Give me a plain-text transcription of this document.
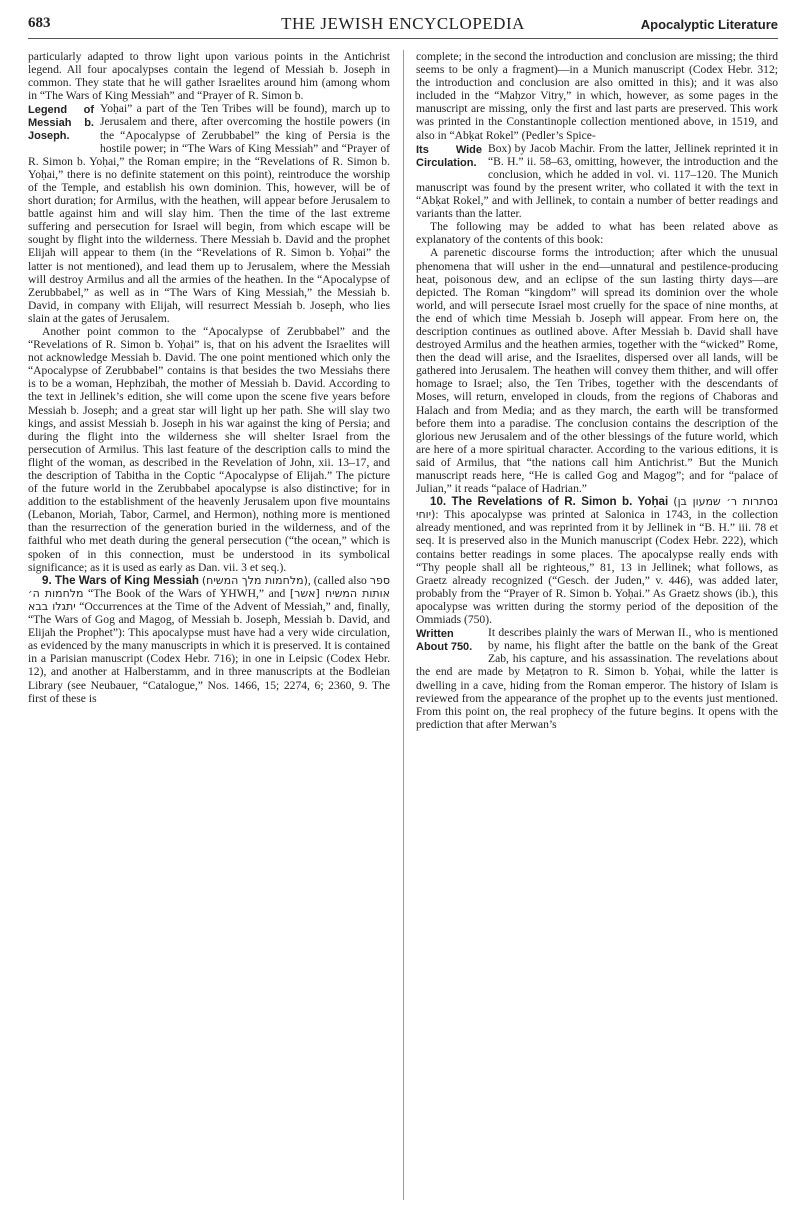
683	THE JEWISH ENCYCLOPEDIA	Apocalyptic Literature

particularly adapted to throw light upon various points in the Antichrist legend. All four apocalypses contain the legend of Messiah b. Joseph in common. They state that he will gather Israelites around him (among whom in “The Wars of King Messiah” and “Prayer of R. Simon b.

Legend of Messiah b. Joseph.

Yoḥai” a part of the Ten Tribes will be found), march up to Jerusalem and there, after overcoming the hostile powers (in the “Apocalypse of Zerubbabel” the king of Persia is the hostile power; in “The Wars of King Messiah” and “Prayer of R. Simon b. Yoḥai,” the Roman empire; in the “Revelations of R. Simon b. Yoḥai,” there is no definite statement on this point), reintroduce the worship of the Temple, and establish his own dominion. This, however, will be of short duration; for Armilus, with the heathen, will appear before Jerusalem to battle against him and will slay him. Then the time of the last extreme suffering and persecution for Israel will begin, from which escape will be sought by flight into the wilderness. There Messiah b. David and the prophet Elijah will appear to them (in the “Revelations of R. Simon b. Yoḥai” the latter is not mentioned), and lead them up to Jerusalem, where the Messiah will destroy Armilus and all the armies of the heathen. In the “Apocalypse of Zerubbabel,” as well as in “The Wars of King Messiah,” the Messiah b. David, in company with Elijah, will resurrect Messiah b. Joseph, who lies slain at the gates of Jerusalem.

Another point common to the “Apocalypse of Zerubbabel” and the “Revelations of R. Simon b. Yoḥai” is, that on his advent the Israelites will not acknowledge Messiah b. David. The one point mentioned which only the “Apocalypse of Zerubbabel” contains is that besides the two Messiahs there is to be a woman, Hephzibah, the mother of Messiah b. David. According to the text in Jellinek’s edition, she will come upon the scene five years before Messiah b. Joseph; and a great star will light up her path. She will slay two kings, and assist Messiah b. Joseph in his war against the king of Persia; and during the flight into the wilderness she will shelter Israel from the persecution of Armilus. This last feature of the description calls to mind the flight of the woman, as described in the Revelation of John, xii. 13–17, and the description of Tabitha in the Coptic “Apocalypse of Elijah.” The picture of the future world in the Zerubbabel apocalypse is also distinctive; for in addition to the establishment of the heavenly Jerusalem upon five mountains (Lebanon, Moriah, Tabor, Carmel, and Hermon), nothing more is mentioned than the resurrection of the generation buried in the wilderness, and of the faithful who met death during the general persecution (“the ocean,” which is spoken of in this connection, must be understood in its symbolical significance; as it is used as early as Dan. vii. 3 et seq.).

9. The Wars of King Messiah (מלחמות מלך המשיח), (called also ספר מלחמות ה׳ “The Book of the Wars of YHWH,” and [אותות המשיח [אשר יתגלו בבא “Occurrences at the Time of the Advent of Messiah,” and, finally, “The Wars of Gog and Magog, of Messiah b. Joseph, Messiah b. David, and Elijah the Prophet”): This apocalypse must have had a very wide circulation, as evidenced by the many manuscripts in which it is preserved. It is contained in a Parisian manuscript (Codex Hebr. 716); in one in Leipsic (Codex Hebr. 12), and another at Halberstamm, and in three manuscripts at the Bodleian Library (see Neubauer, “Catalogue,” Nos. 1466, 15; 2274, 6; 2360, 9. The first of these is

complete; in the second the introduction and conclusion are missing; the third seems to be only a fragment)—in a Munich manuscript (Codex Hebr. 312; the introduction and conclusion are also omitted in this); and it was also included in the “Maḥzor Vitry,” in which, however, as some pages in the manuscript are missing, only the first and last parts are preserved. This work was printed in the Constantinople collection mentioned above, in 1519, and also in “Abḳat Rokel” (Pedler’s Spice-

Its Wide Circulation.

Box) by Jacob Machir. From the latter, Jellinek reprinted it in “B. H.” ii. 58–63, omitting, however, the introduction and the conclusion, which he added in vol. vi. 117–120. The Munich manuscript was found by the present writer, who collated it with the text in “Abḳat Rokel,” and with Jellinek, to contain a number of better readings and variants than the latter.

The following may be added to what has been related above as explanatory of the contents of this book:

A parenetic discourse forms the introduction; after which the unusual phenomena that will usher in the end—unnatural and pestilence-producing heat, poisonous dew, and an eclipse of the sun lasting thirty days—are depicted. The Roman “kingdom” will spread its dominion over the whole world, and will persecute Israel most cruelly for the space of nine months, at the end of which time Messiah b. Joseph will appear. From here on, the description continues as outlined above. After Messiah b. David shall have destroyed Armilus and the heathen armies, together with the “wicked” Rome, then the dead will arise, and the Israelites, dispersed over all lands, will be gathered into Jerusalem. The heathen will convey them thither, and will offer homage to Israel; also, the Ten Tribes, together with the descendants of Moses, will return, enveloped in clouds, from the regions of Chaboras and Halach and from Media; and as they march, the earth will be transformed before them into a paradise. The conclusion contains the description of the glorious new Jerusalem and of the other blessings of the future world, which are here of a more spiritual character. According to the various editions, it is said of Armilus, that “the nations call him Antichrist.” But the Munich manuscript reads here, “He is called Gog and Magog”; and for “palace of Julian,” it reads “palace of Hadrian.”

10. The Revelations of R. Simon b. Yoḥai (נסתרות ר׳ שמעון בן יוחי): This apocalypse was printed at Salonica in 1743, in the collection already mentioned, and was reprinted from it by Jellinek in “B. H.” iii. 78 et seq. It is preserved also in the Munich manuscript (Codex Hebr. 222), which contains better readings in some places. The apocalypse really ends with “Thy people shall all be righteous,” 81, 13 in Jellinek; what follows, as Graetz already recognized (“Gesch. der Juden,” v. 446), was added later, probably from the “Prayer of R. Simon b. Yoḥai.” As Graetz shows (ib.), this apocalypse was written during the stormy period of the deposition of the Ommiads (750).

Written About 750.

It describes plainly the wars of Merwan II., who is mentioned by name, his flight after the battle on the bank of the Great Zab, his capture, and his assassination. The revelations about the end are made by Meṭaṭron to R. Simon b. Yoḥai, while the latter is dwelling in a cave, hiding from the Roman emperor. The history of Islam is reviewed from the appearance of the prophet up to the events just mentioned. From this point on, the real prophecy of the future begins. It opens with the prediction that after Merwan’s
